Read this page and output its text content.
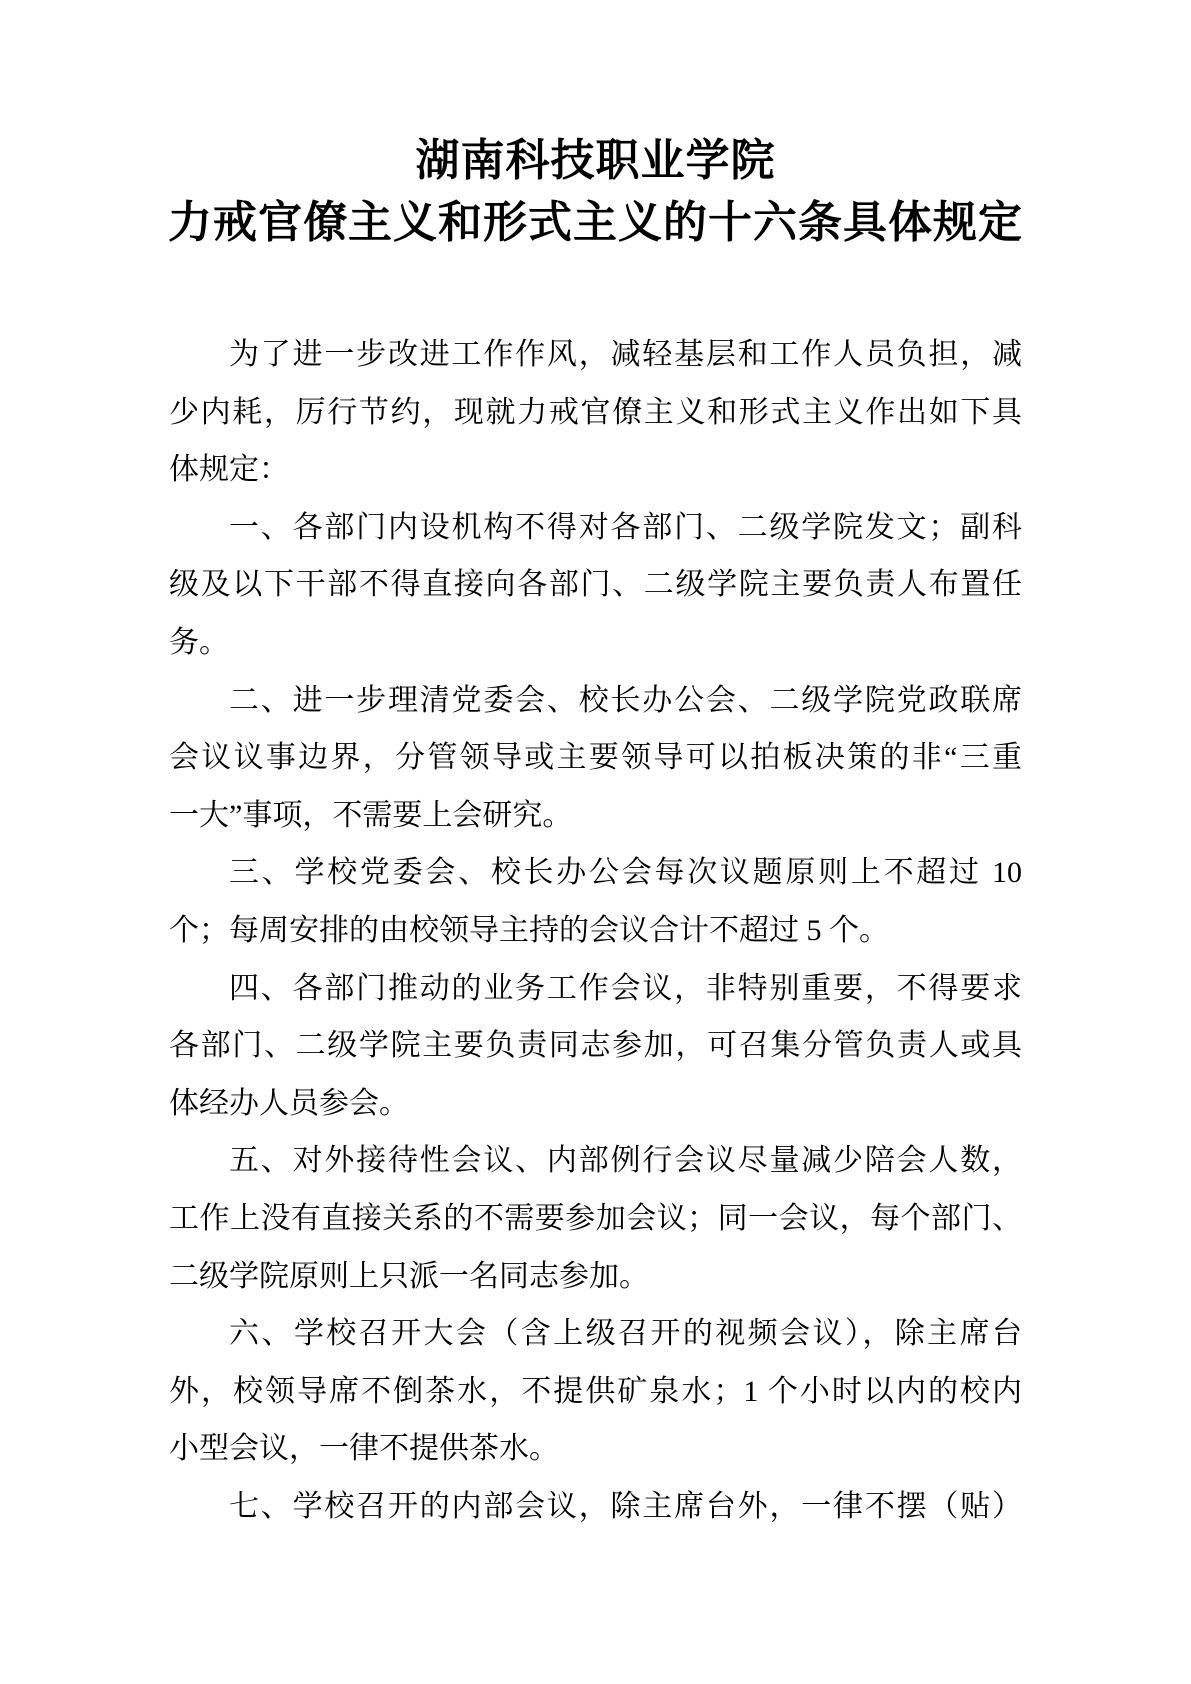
湖南科技职业学院
力戒官僚主义和形式主义的十六条具体规定
为了进一步改进工作作风，减轻基层和工作人员负担，减
少内耗，厉行节约，现就力戒官僚主义和形式主义作出如下具
体规定：
一、各部门内设机构不得对各部门、二级学院发文；副科
级及以下干部不得直接向各部门、二级学院主要负责人布置任
务。
二、进一步理清党委会、校长办公会、二级学院党政联席
会议议事边界，分管领导或主要领导可以拍板决策的非“三重
一大”事项，不需要上会研究。
三、学校党委会、校长办公会每次议题原则上不超过 10
个；每周安排的由校领导主持的会议合计不超过 5 个。
四、各部门推动的业务工作会议，非特别重要，不得要求
各部门、二级学院主要负责同志参加，可召集分管负责人或具
体经办人员参会。
五、对外接待性会议、内部例行会议尽量减少陪会人数，
工作上没有直接关系的不需要参加会议；同一会议，每个部门、
二级学院原则上只派一名同志参加。
六、学校召开大会（含上级召开的视频会议），除主席台
外，校领导席不倒茶水，不提供矿泉水；1 个小时以内的校内
小型会议，一律不提供茶水。
七、学校召开的内部会议，除主席台外，一律不摆（贴）
